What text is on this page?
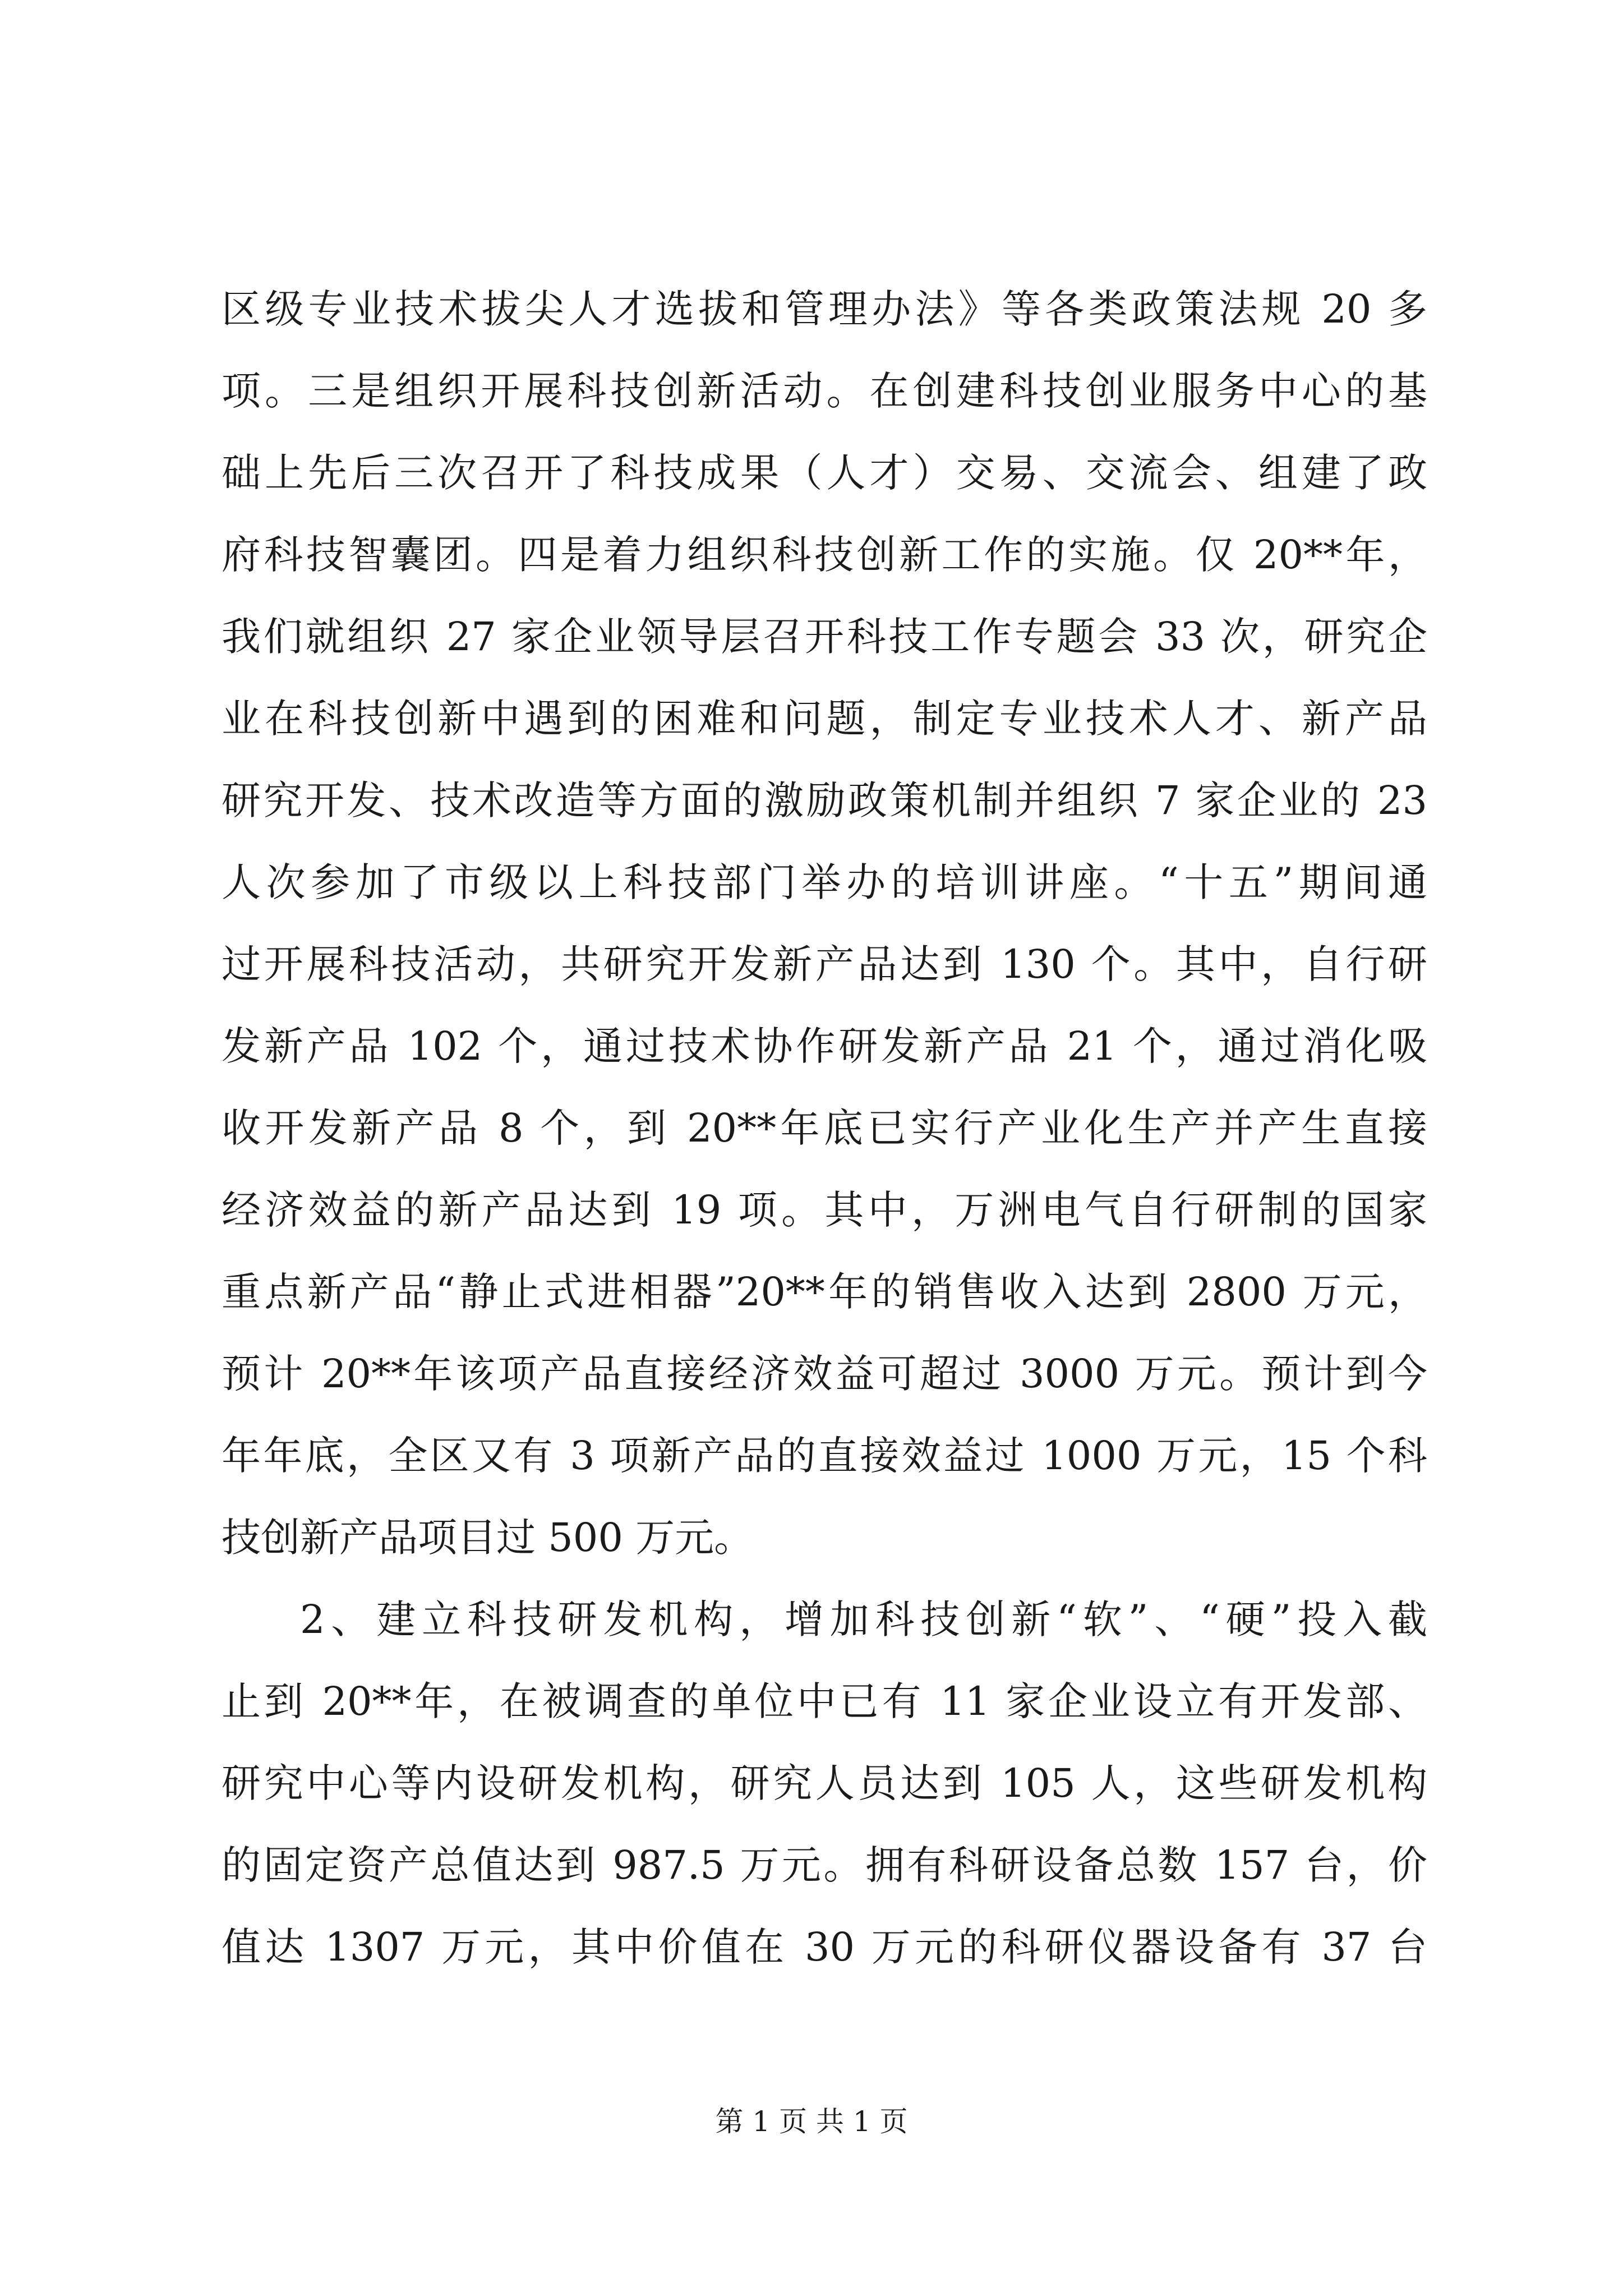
区级专业技术拔尖人才选拔和管理办法》等各类政策法规 20 多
项。三是组织开展科技创新活动。在创建科技创业服务中心的基
础上先后三次召开了科技成果（人才）交易、交流会、组建了政
府科技智囊团。四是着力组织科技创新工作的实施。仅 20**年，
我们就组织 27 家企业领导层召开科技工作专题会 33 次，研究企
业在科技创新中遇到的困难和问题，制定专业技术人才、新产品
研究开发、技术改造等方面的激励政策机制并组织 7 家企业的 23
人次参加了市级以上科技部门举办的培训讲座。“十五”期间通
过开展科技活动，共研究开发新产品达到 130 个。其中，自行研
发新产品 102 个，通过技术协作研发新产品 21 个，通过消化吸
收开发新产品 8 个，到 20**年底已实行产业化生产并产生直接
经济效益的新产品达到 19 项。其中，万洲电气自行研制的国家
重点新产品“静止式进相器”20**年的销售收入达到 2800 万元，
预计 20**年该项产品直接经济效益可超过 3000 万元。预计到今
年年底，全区又有 3 项新产品的直接效益过 1000 万元，15 个科
技创新产品项目过 500 万元。
2、建立科技研发机构，增加科技创新“软”、“硬”投入截
止到 20**年，在被调查的单位中已有 11 家企业设立有开发部、
研究中心等内设研发机构，研究人员达到 105 人，这些研发机构
的固定资产总值达到 987.5 万元。拥有科研设备总数 157 台，价
值达 1307 万元，其中价值在 30 万元的科研仪器设备有 37 台
第 1 页 共 1 页
